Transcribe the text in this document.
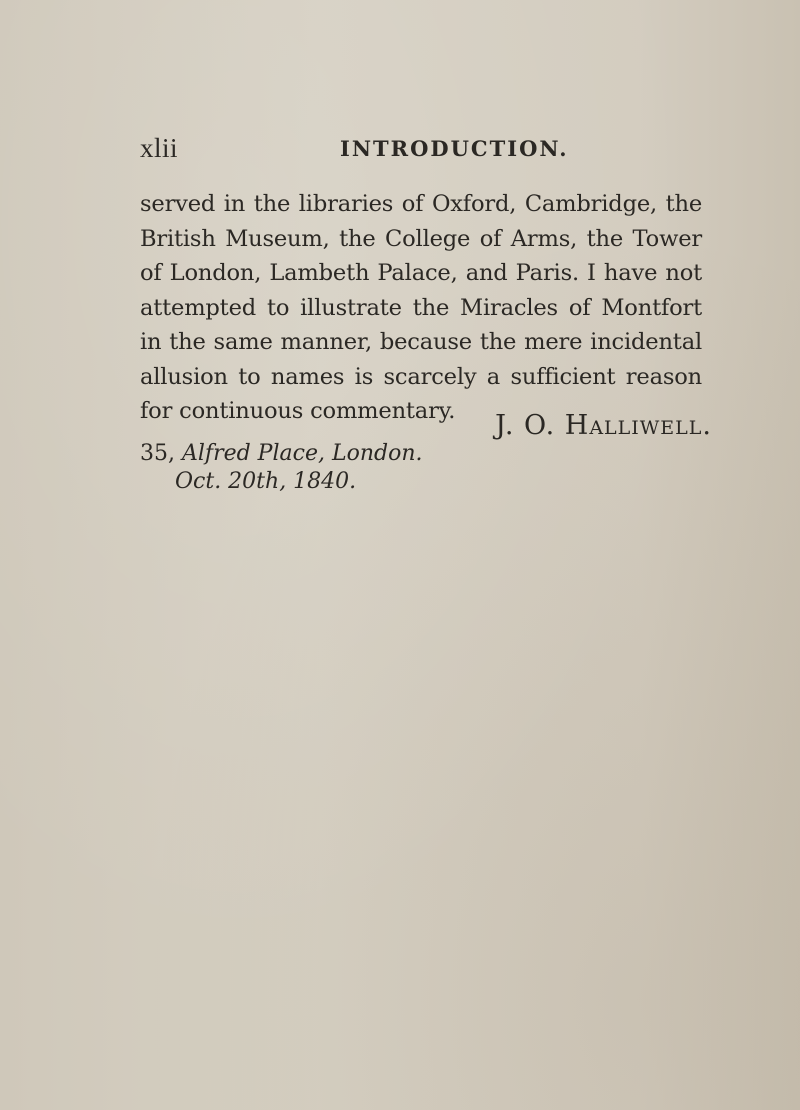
xlii	INTRODUCTION.

served in the libraries of Oxford, Cambridge, the British Museum, the College of Arms, the Tower of London, Lambeth Palace, and Paris. I have not attempted to illustrate the Miracles of Montfort in the same manner, because the mere incidental allusion to names is scarcely a sufficient reason for continuous commentary.	J. O. Halliwell.
35, Alfred Place, London.
Oct. 20th, 1840.
